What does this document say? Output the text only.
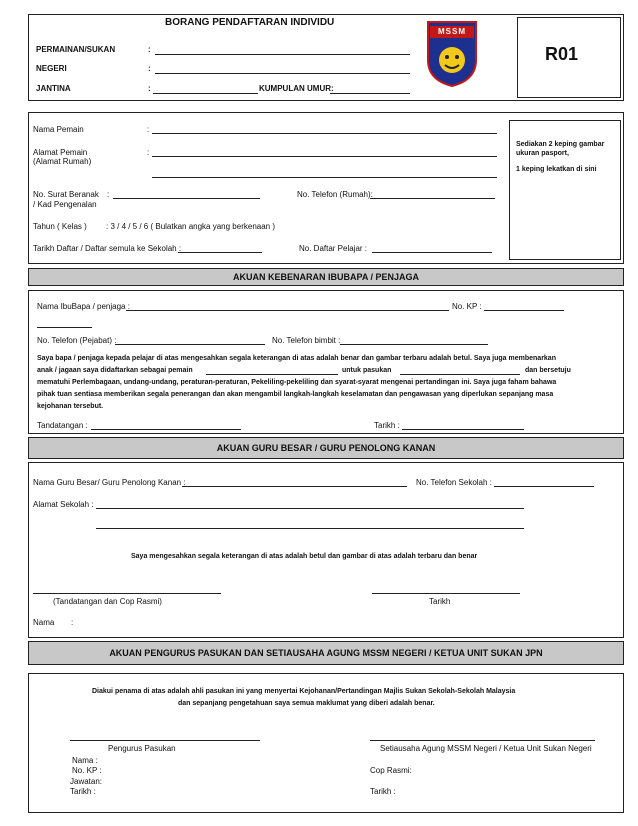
BORANG PENDAFTARAN INDIVIDU
PERMAINAN/SUKAN	:
NEGERI	:
JANTINA	:	KUMPULAN UMUR:
MSSM
R01
Nama Pemain	:
Alamat Pemain
(Alamat Rumah)
:
Sediakan 2 keping gambar ukuran pasport,
1 keping lekatkan di sini
No. Surat Beranak
/ Kad Pengenalan
:	No. Telefon (Rumah):
Tahun ( Kelas ) : 3 / 4 / 5 / 6 ( Bulatkan angka yang berkenaan )
Tarikh Daftar / Daftar semula ke Sekolah :	No. Daftar Pelajar :
AKUAN KEBENARAN IBUBAPA / PENJAGA
Nama IbuBapa / penjaga :	No. KP :
No. Telefon (Pejabat) :	No. Telefon bimbit :
Saya bapa / penjaga kepada pelajar di atas mengesahkan segala keterangan di atas adalah benar dan gambar terbaru adalah betul. Saya juga membenarkan
anak / jagaan saya didaftarkan sebagai pemain	untuk pasukan	dan bersetuju
mematuhi Perlembagaan, undang-undang, peraturan-peraturan, Pekeliling-pekeliling dan syarat-syarat mengenai pertandingan ini. Saya juga faham bahawa
pihak tuan sentiasa memberikan segala penerangan dan akan mengambil langkah-langkah keselamatan dan pengawasan yang diperlukan sepanjang masa
kejohanan tersebut.
Tandatangan :	Tarikh :
AKUAN GURU BESAR / GURU PENOLONG KANAN
Nama Guru Besar/ Guru Penolong Kanan :	No. Telefon Sekolah :
Alamat Sekolah :
Saya mengesahkan segala keterangan di atas adalah betul dan gambar di atas adalah terbaru dan benar
(Tandatangan dan Cop Rasmi)	Tarikh
Nama :
AKUAN PENGURUS PASUKAN DAN SETIAUSAHA AGUNG MSSM NEGERI / KETUA UNIT SUKAN JPN
Diakui penama di atas adalah ahli pasukan ini yang menyertai Kejohanan/Pertandingan Majlis Sukan Sekolah-Sekolah Malaysia
dan sepanjang pengetahuan saya semua maklumat yang diberi adalah benar.
Pengurus Pasukan	Setiausaha Agung MSSM Negeri / Ketua Unit Sukan Negeri
Nama :
No. KP :	Cop Rasmi:
Jawatan:
Tarikh :	Tarikh :
